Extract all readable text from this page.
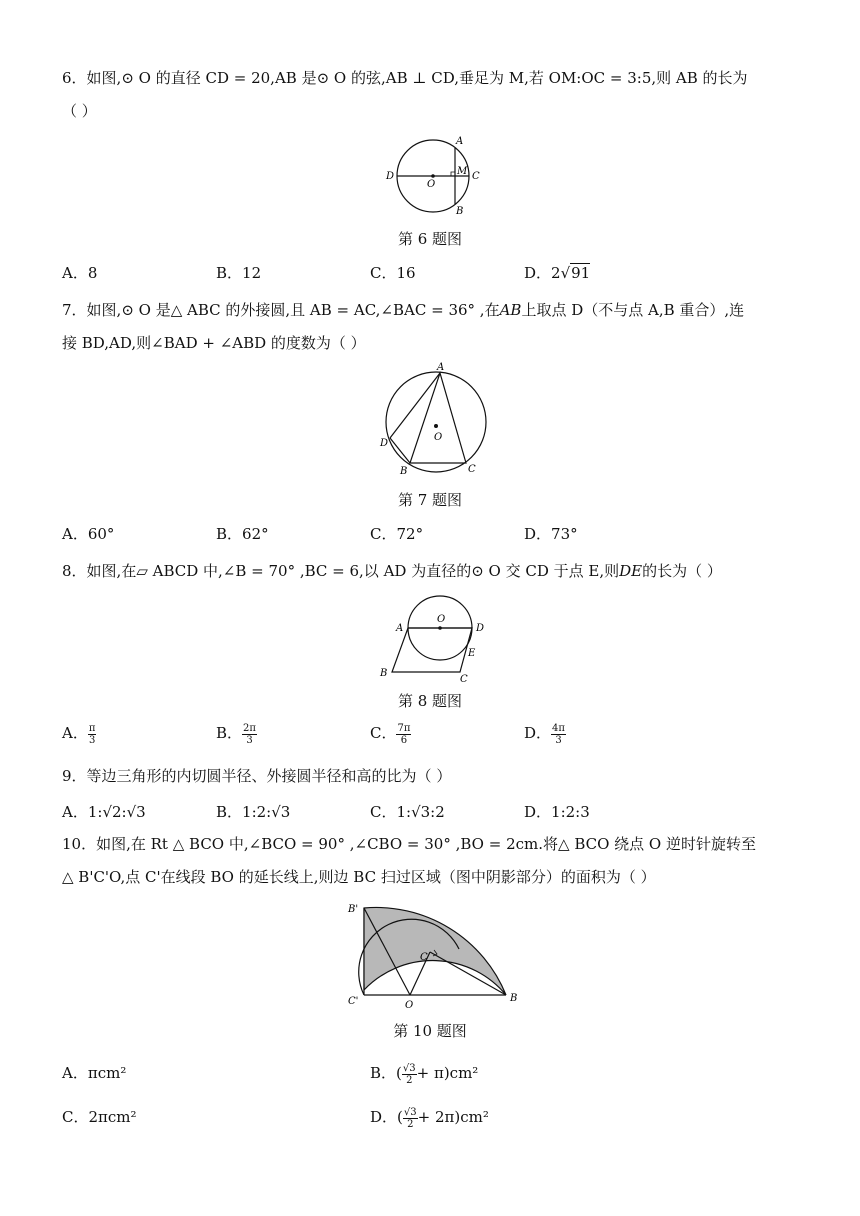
6．如图,⊙ O 的直径 CD = 20,AB 是⊙ O 的弦,AB ⊥ CD,垂足为 M,若 OM:OC = 3:5,则 AB 的长为
（ ）
A
B
C
D
O
M
第 6 题图
A．8	B．12	C．16	D．2√91
7．如图,⊙ O 是△ ABC 的外接圆,且 AB = AC,∠BAC = 36° ,在AB上取点 D（不与点 A,B 重合）,连
接 BD,AD,则∠BAD + ∠ABD 的度数为（ ）
A
B	C
D
O
第 7 题图
A．60°	B．62°	C．72°	D．73°
8．如图,在▱ ABCD 中,∠B = 70° ,BC = 6,以 AD 为直径的⊙ O 交 CD 于点 E,则DE的长为（ ）
A
B
C
D
O
E
第 8 题图
A． $\frac{\pi}{3}$	B． $\frac{2\pi}{3}$	C． $\frac{7\pi}{6}$	D． $\frac{4\pi}{3}$
9．等边三角形的内切圆半径、外接圆半径和高的比为（ ）
A．1:√2:√3	B．1:2:√3	C．1:√3:2	D．1:2:3
10．如图,在 Rt △ BCO 中,∠BCO = 90° ,∠CBO = 30° ,BO = 2cm.将△ BCO 绕点 O 逆时针旋转至
△ B'C'O,点 C'在线段 BO 的延长线上,则边 BC 扫过区域（图中阴影部分）的面积为（ ）
B'
C'	O
B
C
第 10 题图
A．πcm²	B．( $\frac{√3}{2} + \pi)cm^2$
C．2πcm²	D．( $\frac{√3}{2} + 2\pi)cm^2$
